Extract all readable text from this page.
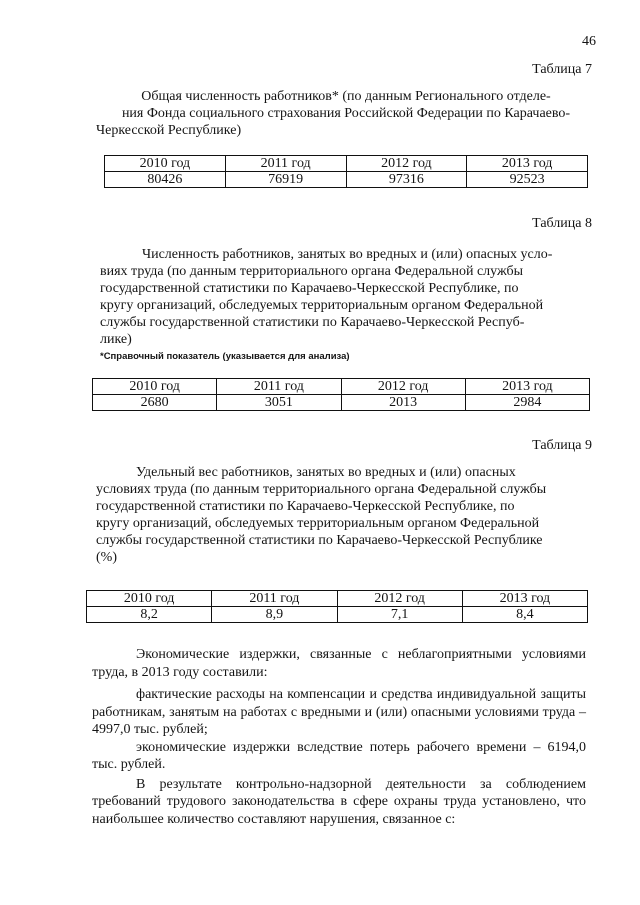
46
Таблица 7

Общая численность работников* (по данным Регионального отделе-

ния Фонда социального страхования Российской Федерации по Карачаево-

Черкесской Республике)

2010 год	2011 год	2012 год	2013 год
80426	76919	97316	92523
Таблица 8

Численность работников, занятых во вредных и (или) опасных усло-

виях труда (по данным территориального органа Федеральной службы

государственной статистики по Карачаево-Черкесской Республике, по

кругу организаций, обследуемых территориальным органом Федеральной

службы государственной статистики по Карачаево-Черкесской Респуб-

лике)

*Справочный показатель (указывается для анализа)
2010 год	2011 год	2012 год	2013 год
2680	3051	2013	2984
Таблица 9

Удельный вес работников, занятых во вредных и (или) опасных

условиях труда (по данным территориального органа Федеральной службы

государственной статистики по Карачаево-Черкесской Республике, по

кругу организаций, обследуемых территориальным органом Федеральной

службы государственной статистики по Карачаево-Черкесской Республике

(%)

2010 год	2011 год	2012 год	2013 год
8,2	8,9	7,1	8,4

Экономические издержки, связанные с неблагоприятными условиями труда, в 2013 году составили:

фактические расходы на компенсации и средства индивидуальной защиты работникам, занятым на работах с вредными и (или) опасными условиями труда – 4997,0 тыс. рублей;

экономические издержки вследствие потерь рабочего времени – 6194,0 тыс. рублей.

В результате контрольно-надзорной деятельности за соблюдением требований трудового законодательства в сфере охраны труда установлено, что наибольшее количество составляют нарушения, связанное с:
